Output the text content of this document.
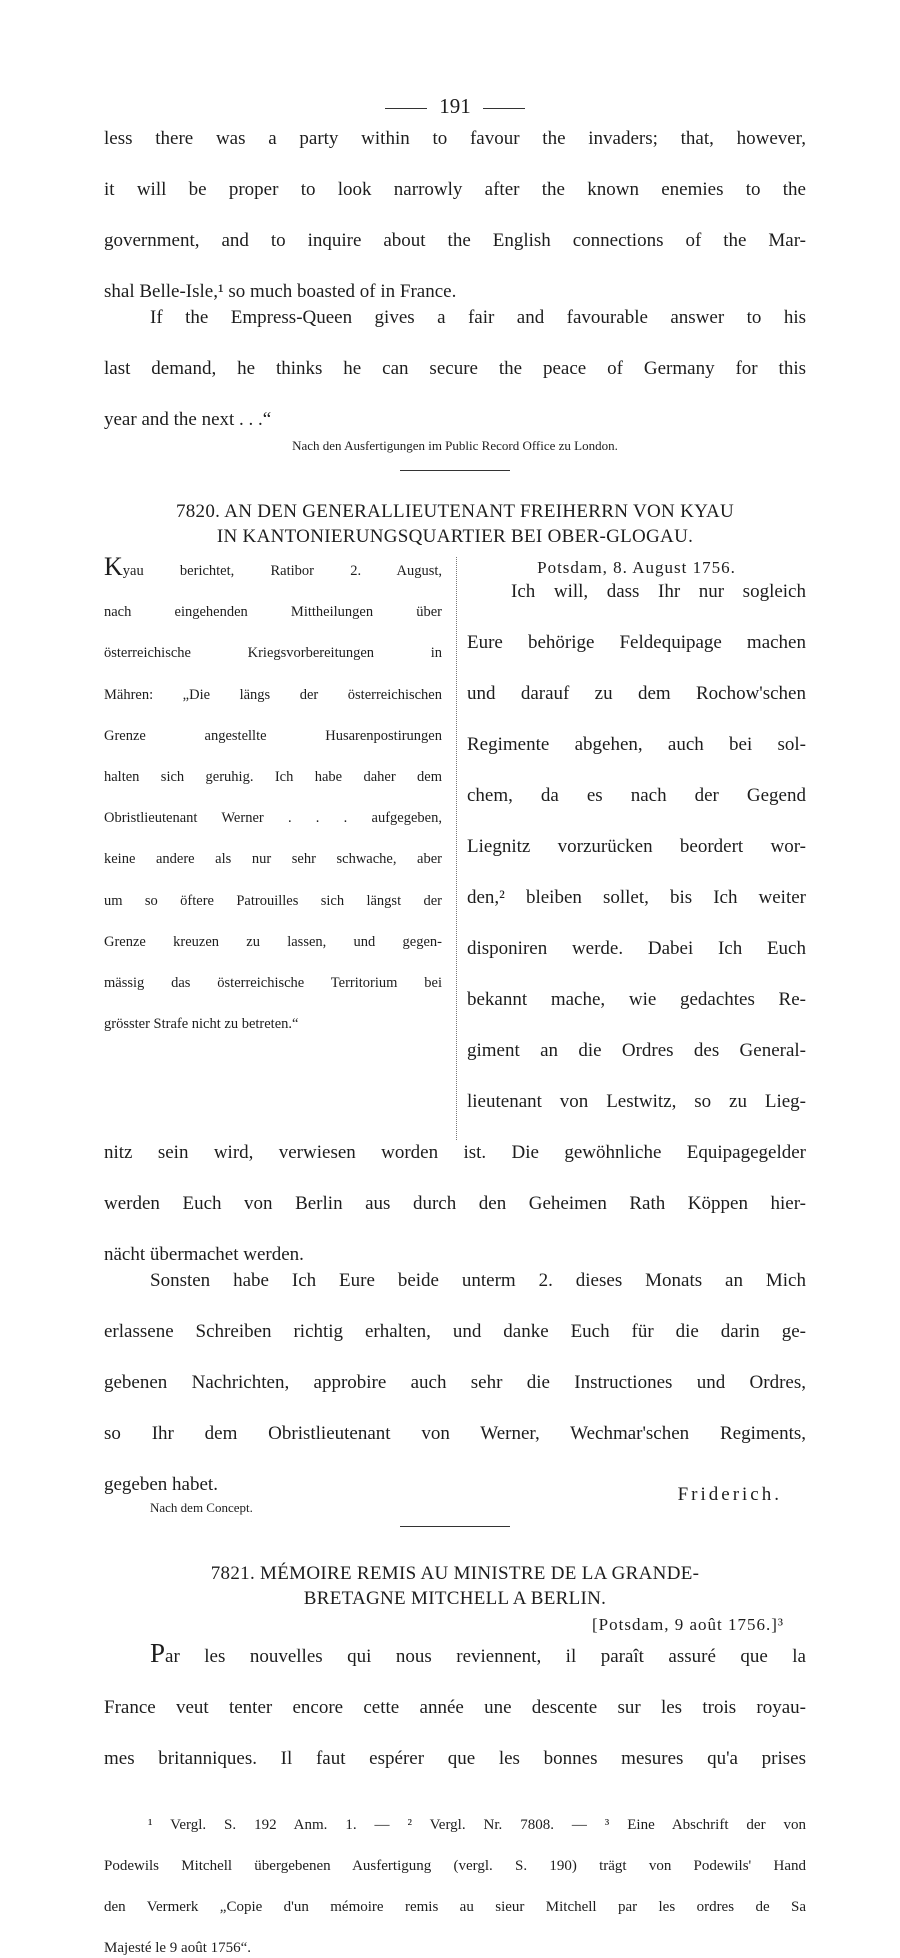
191
less there was a party within to favour the invaders; that, however,
it will be proper to look narrowly after the known enemies to the
government, and to inquire about the English connections of the Mar-
shal Belle-Isle,¹ so much boasted of in France.
If the Empress-Queen gives a fair and favourable answer to his
last demand, he thinks he can secure the peace of Germany for this
year and the next . . .“
Nach den Ausfertigungen im Public Record Office zu London.
7820. AN DEN GENERALLIEUTENANT FREIHERRN VON KYAU
IN KANTONIERUNGSQUARTIER BEI OBER-GLOGAU.
Kyau berichtet, Ratibor 2. August,
nach eingehenden Mittheilungen über
österreichische Kriegsvorbereitungen in
Mähren: „Die längs der österreichischen
Grenze angestellte Husarenpostirungen
halten sich geruhig. Ich habe daher dem
Obristlieutenant Werner . . . aufgegeben,
keine andere als nur sehr schwache, aber
um so öftere Patrouilles sich längst der
Grenze kreuzen zu lassen, und gegen-
mässig das österreichische Territorium bei
grösster Strafe nicht zu betreten.“
Potsdam, 8. August 1756.
Ich will, dass Ihr nur sogleich
Eure behörige Feldequipage machen
und darauf zu dem Rochow'schen
Regimente abgehen, auch bei sol-
chem, da es nach der Gegend
Liegnitz vorzurücken beordert wor-
den,² bleiben sollet, bis Ich weiter
disponiren werde. Dabei Ich Euch
bekannt mache, wie gedachtes Re-
giment an die Ordres des General-
lieutenant von Lestwitz, so zu Lieg-
nitz sein wird, verwiesen worden ist. Die gewöhnliche Equipagegelder
werden Euch von Berlin aus durch den Geheimen Rath Köppen hier-
nächt übermachet werden.
Sonsten habe Ich Eure beide unterm 2. dieses Monats an Mich
erlassene Schreiben richtig erhalten, und danke Euch für die darin ge-
gebenen Nachrichten, approbire auch sehr die Instructiones und Ordres,
so Ihr dem Obristlieutenant von Werner, Wechmar'schen Regiments,
gegeben habet.	Friderich.
Nach dem Concept.
7821. MÉMOIRE REMIS AU MINISTRE DE LA GRANDE-
BRETAGNE MITCHELL A BERLIN.
[Potsdam, 9 août 1756.]³
Par les nouvelles qui nous reviennent, il paraît assuré que la
France veut tenter encore cette année une descente sur les trois royau-
mes britanniques. Il faut espérer que les bonnes mesures qu'a prises

¹ Vergl. S. 192 Anm. 1. — ² Vergl. Nr. 7808. — ³ Eine Abschrift der von

Podewils Mitchell übergebenen Ausfertigung (vergl. S. 190) trägt von Podewils' Hand

den Vermerk „Copie d'un mémoire remis au sieur Mitchell par les ordres de Sa

Majesté le 9 août 1756“.
